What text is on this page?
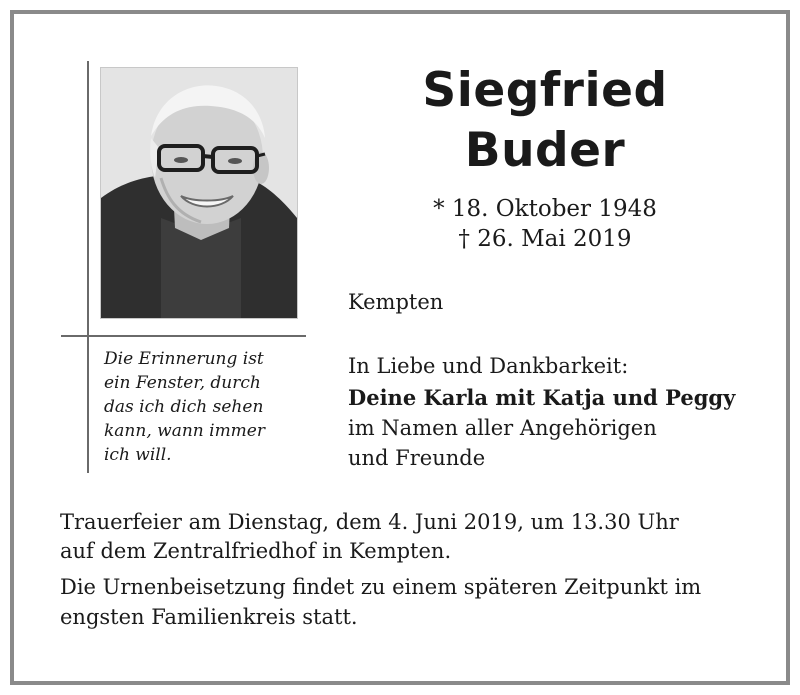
Siegfried
Buder
* 18. Oktober 1948
† 26. Mai 2019
Kempten
Die Erinnerung ist
ein Fenster, durch
das ich dich sehen
kann, wann immer
ich will.
In Liebe und Dankbarkeit:
Deine Karla mit Katja und Peggy
im Namen aller Angehörigen
und Freunde
Trauerfeier am Dienstag, dem 4. Juni 2019, um 13.30 Uhr
auf dem Zentralfriedhof in Kempten.
Die Urnenbeisetzung findet zu einem späteren Zeitpunkt im
engsten Familienkreis statt.
